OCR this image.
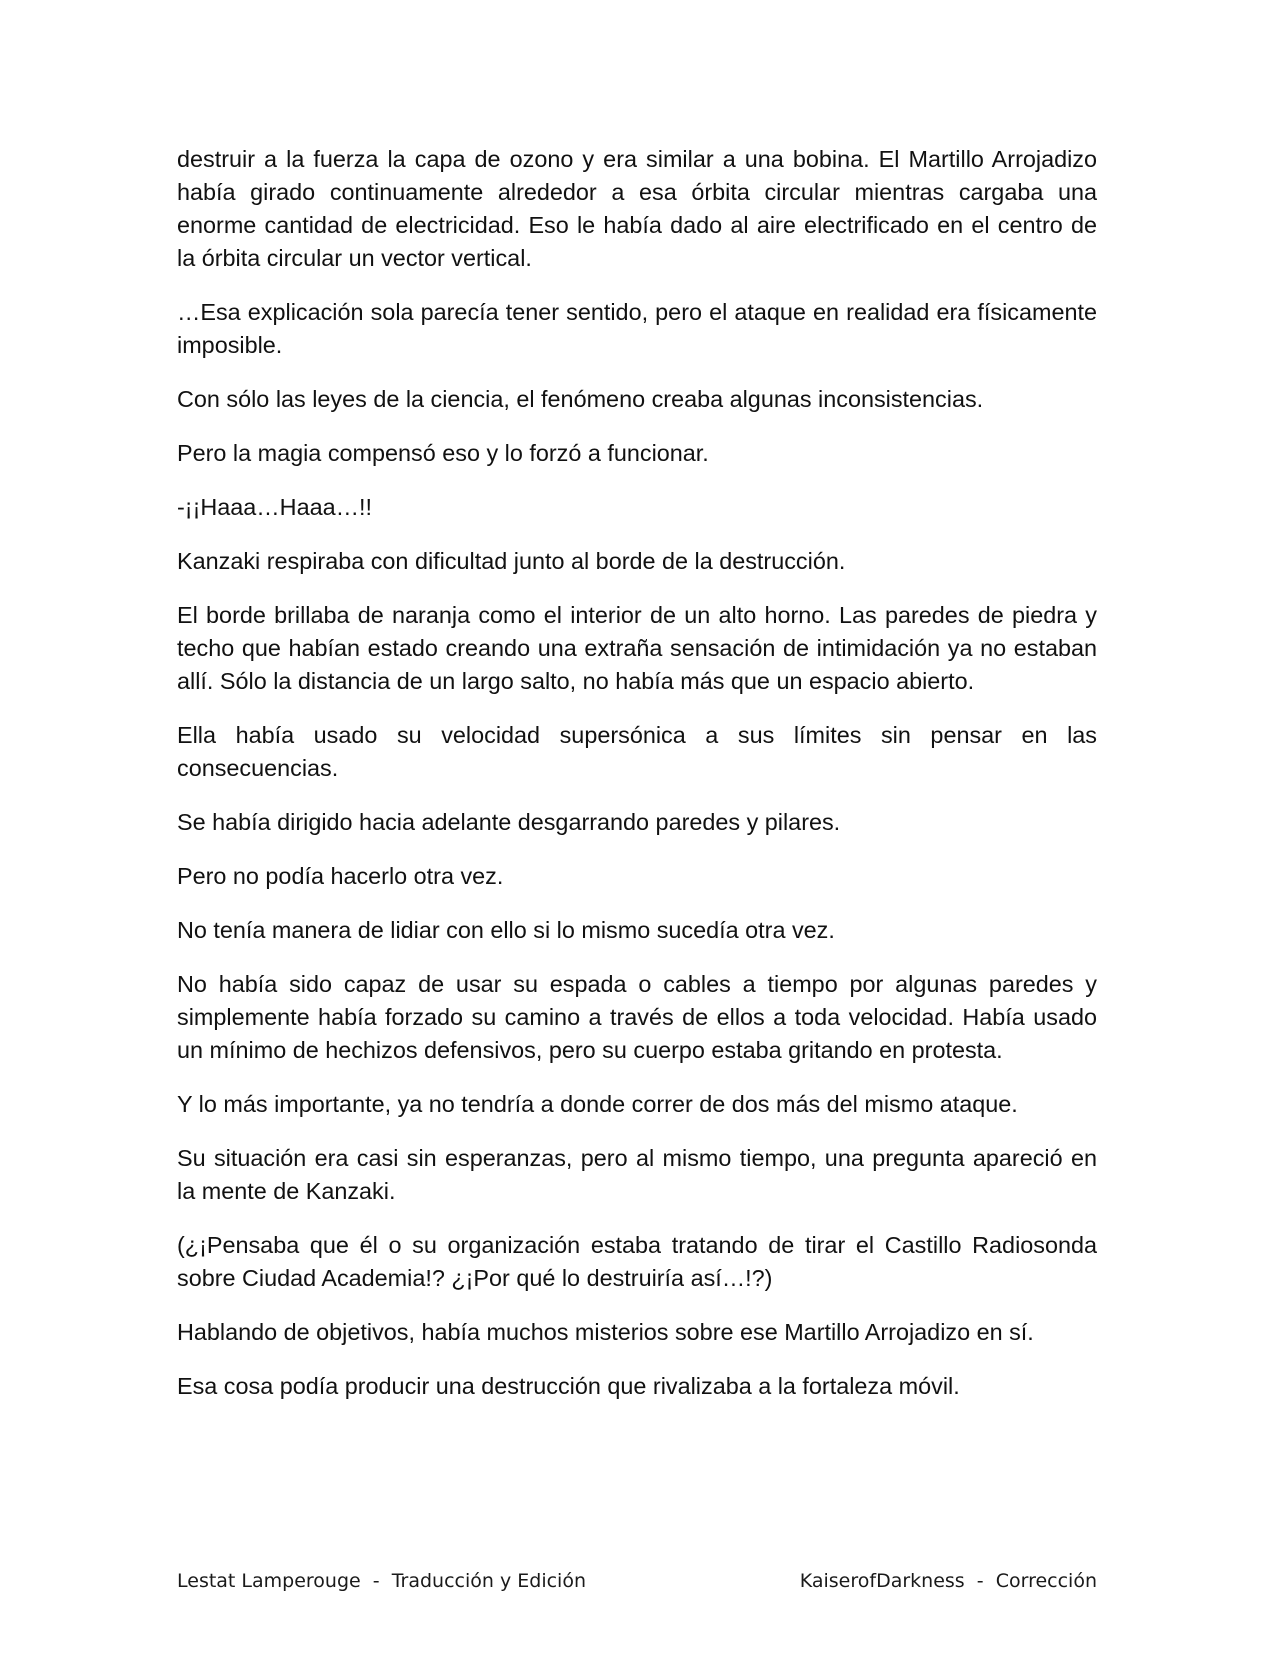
destruir a la fuerza la capa de ozono y era similar a una bobina. El Martillo Arrojadizo había girado continuamente alrededor a esa órbita circular mientras cargaba una enorme cantidad de electricidad. Eso le había dado al aire electrificado en el centro de la órbita circular un vector vertical.

…Esa explicación sola parecía tener sentido, pero el ataque en realidad era físicamente imposible.

Con sólo las leyes de la ciencia, el fenómeno creaba algunas inconsistencias.

Pero la magia compensó eso y lo forzó a funcionar.

-¡¡Haaa…Haaa…!!

Kanzaki respiraba con dificultad junto al borde de la destrucción.

El borde brillaba de naranja como el interior de un alto horno. Las paredes de piedra y techo que habían estado creando una extraña sensación de intimidación ya no estaban allí. Sólo la distancia de un largo salto, no había más que un espacio abierto.

Ella había usado su velocidad supersónica a sus límites sin pensar en las consecuencias.

Se había dirigido hacia adelante desgarrando paredes y pilares.

Pero no podía hacerlo otra vez.

No tenía manera de lidiar con ello si lo mismo sucedía otra vez.

No había sido capaz de usar su espada o cables a tiempo por algunas paredes y simplemente había forzado su camino a través de ellos a toda velocidad. Había usado un mínimo de hechizos defensivos, pero su cuerpo estaba gritando en protesta.

Y lo más importante, ya no tendría a donde correr de dos más del mismo ataque.

Su situación era casi sin esperanzas, pero al mismo tiempo, una pregunta apareció en la mente de Kanzaki.

(¿¡Pensaba que él o su organización estaba tratando de tirar el Castillo Radiosonda sobre Ciudad Academia!? ¿¡Por qué lo destruiría así…!?)

Hablando de objetivos, había muchos misterios sobre ese Martillo Arrojadizo en sí.

Esa cosa podía producir una destrucción que rivalizaba a la fortaleza móvil.

Lestat Lamperouge  -  Traducción y Edición	KaiserofDarkness  -  Corrección
